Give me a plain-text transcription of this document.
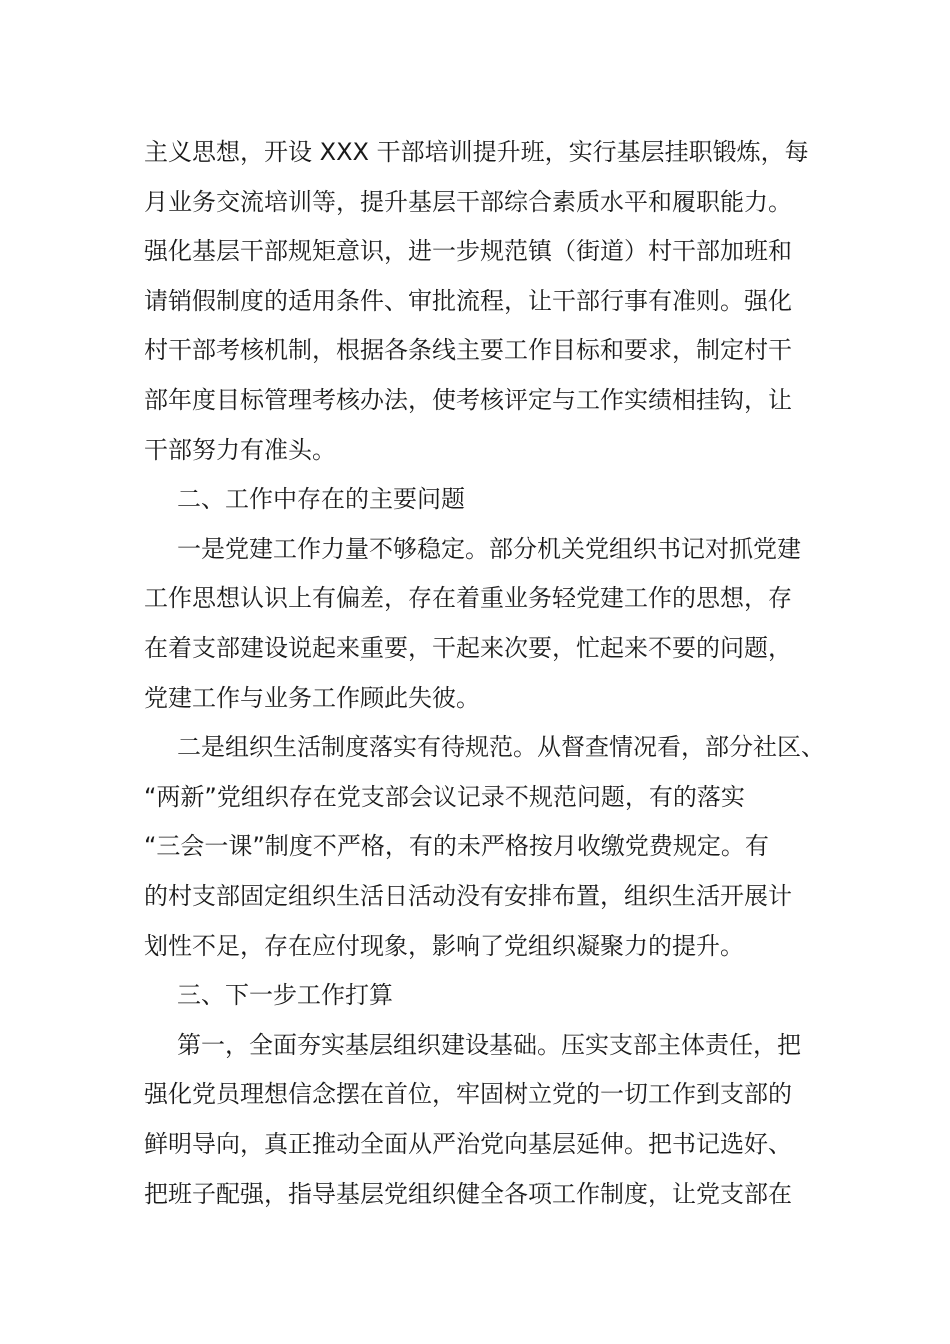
主义思想，开设 XXX 干部培训提升班，实行基层挂职锻炼，每
月业务交流培训等，提升基层干部综合素质水平和履职能力。
强化基层干部规矩意识，进一步规范镇（街道）村干部加班和
请销假制度的适用条件、审批流程，让干部行事有准则。强化
村干部考核机制，根据各条线主要工作目标和要求，制定村干
部年度目标管理考核办法，使考核评定与工作实绩相挂钩，让
干部努力有准头。
二、工作中存在的主要问题
一是党建工作力量不够稳定。部分机关党组织书记对抓党建
工作思想认识上有偏差，存在着重业务轻党建工作的思想，存
在着支部建设说起来重要，干起来次要，忙起来不要的问题，
党建工作与业务工作顾此失彼。
二是组织生活制度落实有待规范。从督查情况看，部分社区、
“两新”党组织存在党支部会议记录不规范问题，有的落实
“三会一课”制度不严格，有的未严格按月收缴党费规定。有
的村支部固定组织生活日活动没有安排布置，组织生活开展计
划性不足，存在应付现象，影响了党组织凝聚力的提升。
三、下一步工作打算
第一，全面夯实基层组织建设基础。压实支部主体责任，把
强化党员理想信念摆在首位，牢固树立党的一切工作到支部的
鲜明导向，真正推动全面从严治党向基层延伸。把书记选好、
把班子配强，指导基层党组织健全各项工作制度，让党支部在
